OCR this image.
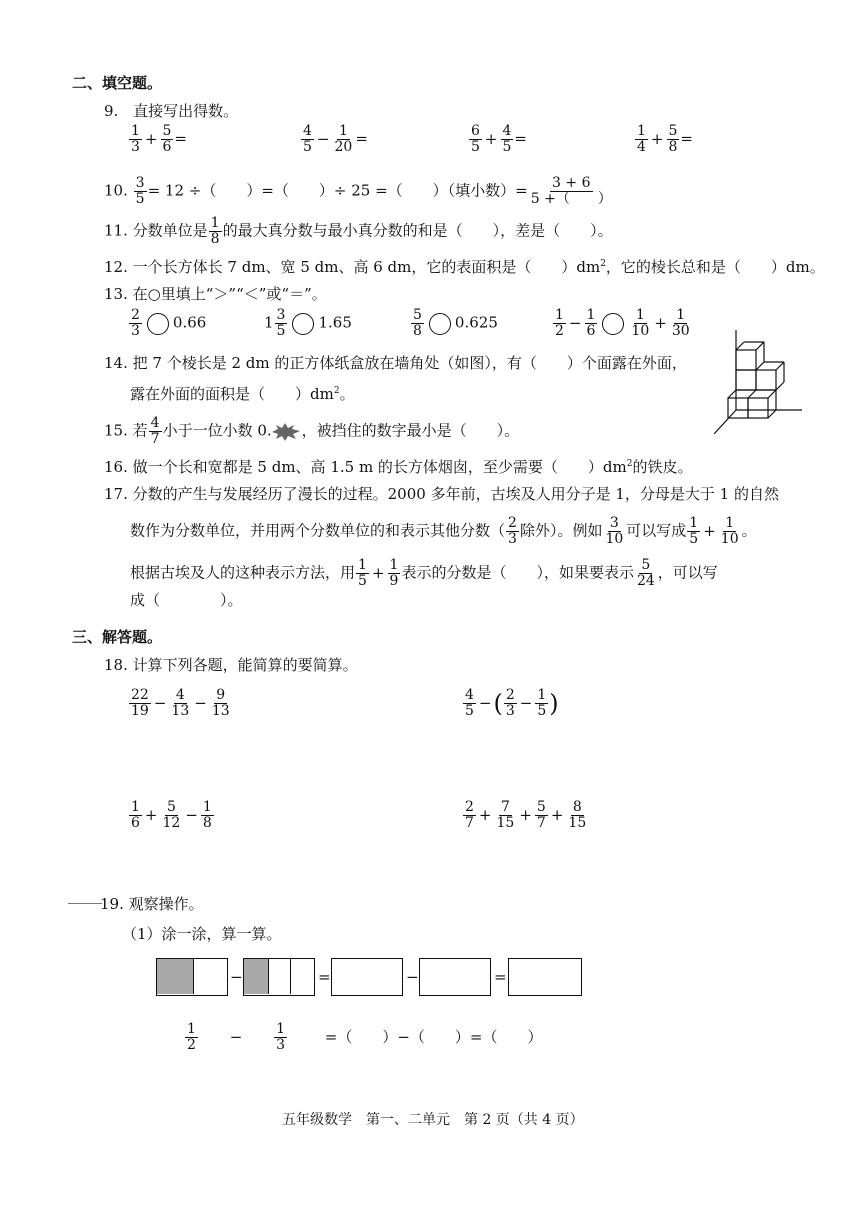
二、填空题。
9. 直接写出得数。
$\frac{1}{3} + \frac{5}{6}$ =	$\frac{4}{5} - \frac{1}{20}$ =	$\frac{6}{5} + \frac{4}{5}$ =	$\frac{1}{4} + \frac{5}{8}$ =
10. $\frac{3}{5} = 12$ ÷（　　）=（　　）÷ 25 =（　　）（填小数）= $\frac{3 + 6}{5 +( )}$
11. 分数单位是 $\frac{1}{8}$ 的最大真分数与最小真分数的和是（　　），差是（　　）。
12. 一个长方体长 7 dm、宽 5 dm、高 6 dm，它的表面积是（　　）$dm^2$，它的棱长总和是（　　）dm。
13. 在○里填上“＞”“＜”或“＝”。
$\frac{2}{3} 0.66$	$1 \frac{3}{5} 1.65$	$\frac{5}{8} 0.625$	$\frac{1}{2} - \frac{1}{6} \frac{1}{10} + \frac{1}{30}$
14. 把 7 个棱长是 2 dm 的正方体纸盒放在墙角处（如图），有（　　）个面露在外面，
露在外面的面积是（　　）$dm^2$。
15. 若 $\frac{4}{7}$ 小于一位小数 0. ，被挡住的数字最小是（　　）。
16. 做一个长和宽都是 5 dm、高 1.5 m 的长方体烟囱，至少需要（　　）$dm^2$的铁皮。
17. 分数的产生与发展经历了漫长的过程。2000 多年前，古埃及人用分子是 1，分母是大于 1 的自然
数作为分数单位，并用两个分数单位的和表示其他分数（ $\frac{2}{3}$ 除外）。例如 $\frac{3}{10}$ 可以写成 $\frac{1}{5} + \frac{1}{10}$ 。
根据古埃及人的这种表示方法，用 $\frac{1}{5} + \frac{1}{9}$ 表示的分数是（　　），如果要表示 $\frac{5}{24}$ ，可以写
成（　　　　）。
三、解答题。
18. 计算下列各题，能简算的要简算。
$\frac{22}{19} - \frac{4}{13} - \frac{9}{13}$	$\frac{4}{5}$ −( $\frac{2}{3} - \frac{1}{5}$ )
$\frac{1}{6} + \frac{5}{12} - \frac{1}{8}$	$\frac{2}{7} + \frac{7}{15} + \frac{5}{7} + \frac{8}{15}$
19. 观察操作。
（1）涂一涂，算一算。
−	=	−	=
$\frac{1}{2} - \frac{1}{3}$	=（　　）−（　　）=（　　）
五年级数学　第一、二单元　第 2 页（共 4 页）
